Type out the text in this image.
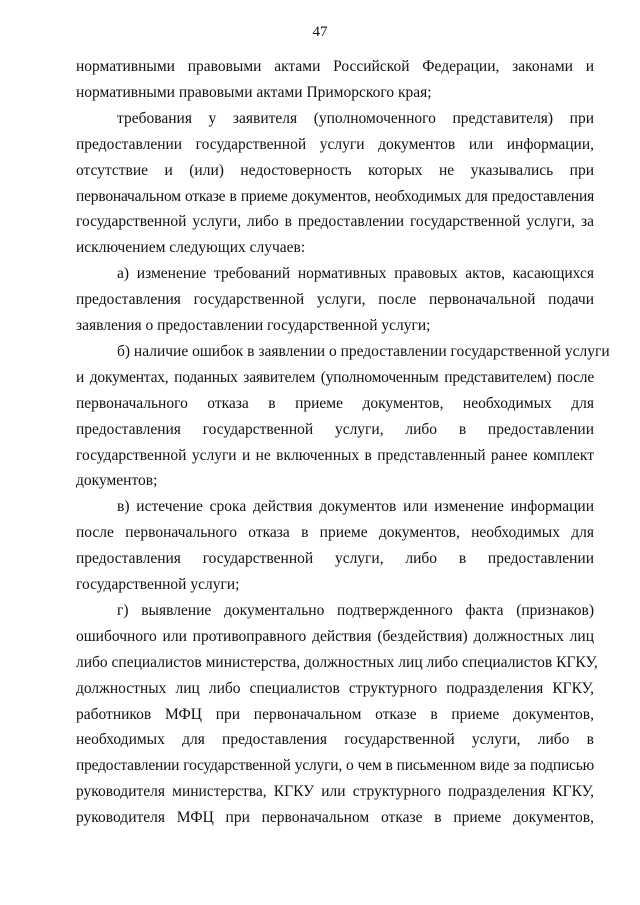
47
нормативными правовыми актами Российской Федерации, законами и
нормативными правовыми актами Приморского края;
требования у заявителя (уполномоченного представителя) при
предоставлении государственной услуги документов или информации,
отсутствие и (или) недостоверность которых не указывались при
первоначальном отказе в приеме документов, необходимых для предоставления
государственной услуги, либо в предоставлении государственной услуги, за
исключением следующих случаев:
а) изменение требований нормативных правовых актов, касающихся
предоставления государственной услуги, после первоначальной подачи
заявления о предоставлении государственной услуги;
б) наличие ошибок в заявлении о предоставлении государственной услуги
и документах, поданных заявителем (уполномоченным представителем) после
первоначального отказа в приеме документов, необходимых для
предоставления государственной услуги, либо в предоставлении
государственной услуги и не включенных в представленный ранее комплект
документов;
в) истечение срока действия документов или изменение информации
после первоначального отказа в приеме документов, необходимых для
предоставления государственной услуги, либо в предоставлении
государственной услуги;
г) выявление документально подтвержденного факта (признаков)
ошибочного или противоправного действия (бездействия) должностных лиц
либо специалистов министерства, должностных лиц либо специалистов КГКУ,
должностных лиц либо специалистов структурного подразделения КГКУ,
работников МФЦ при первоначальном отказе в приеме документов,
необходимых для предоставления государственной услуги, либо в
предоставлении государственной услуги, о чем в письменном виде за подписью
руководителя министерства, КГКУ или структурного подразделения КГКУ,
руководителя МФЦ при первоначальном отказе в приеме документов,
